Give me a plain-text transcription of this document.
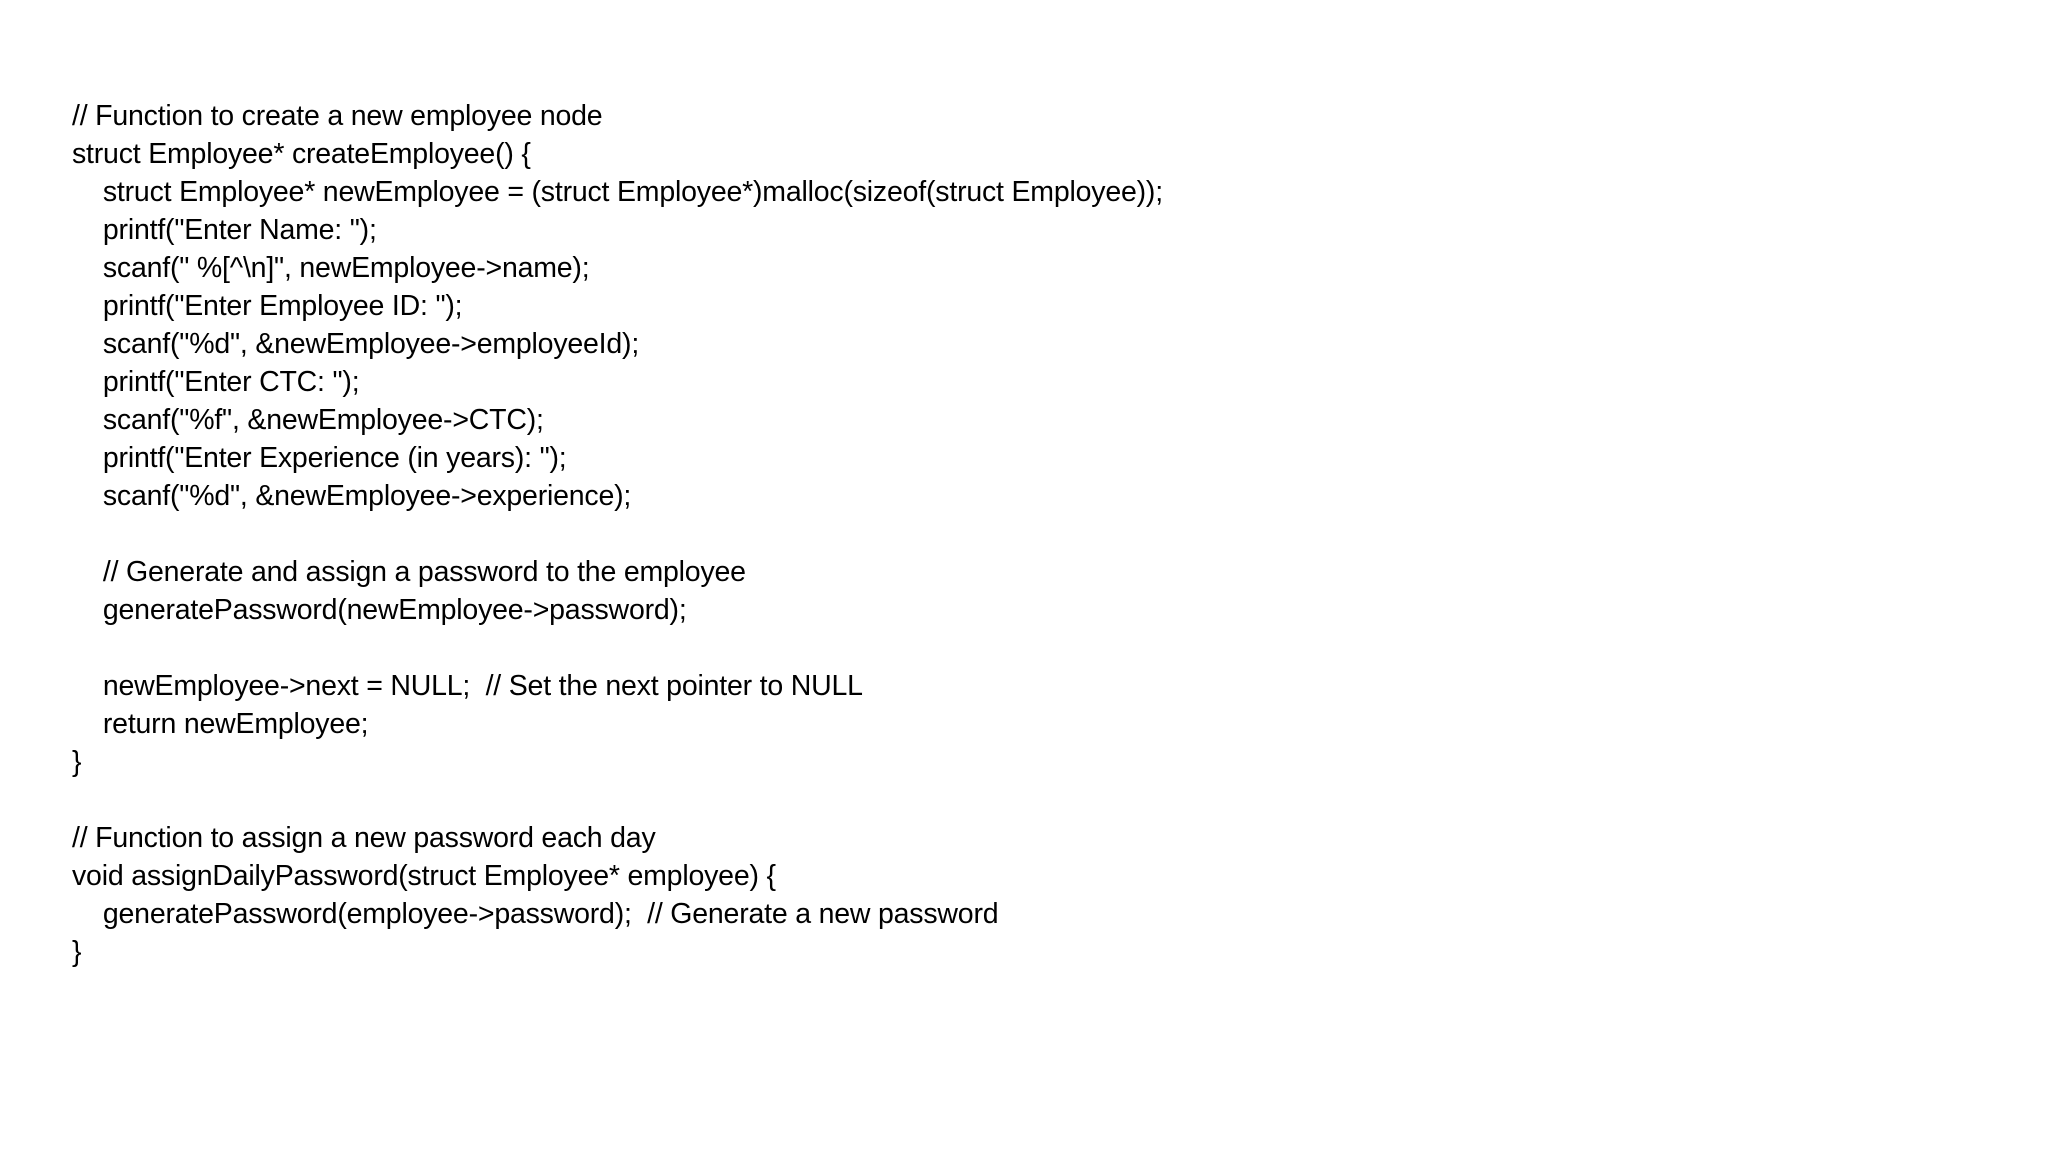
// Function to create a new employee node
struct Employee* createEmployee() {
struct Employee* newEmployee = (struct Employee*)malloc(sizeof(struct Employee));
printf("Enter Name: ");
scanf(" %[^\n]", newEmployee->name);
printf("Enter Employee ID: ");
scanf("%d", &newEmployee->employeeId);
printf("Enter CTC: ");
scanf("%f", &newEmployee->CTC);
printf("Enter Experience (in years): ");
scanf("%d", &newEmployee->experience);
// Generate and assign a password to the employee
generatePassword(newEmployee->password);
newEmployee->next = NULL;  // Set the next pointer to NULL
return newEmployee;
}
// Function to assign a new password each day
void assignDailyPassword(struct Employee* employee) {
generatePassword(employee->password);  // Generate a new password
}
